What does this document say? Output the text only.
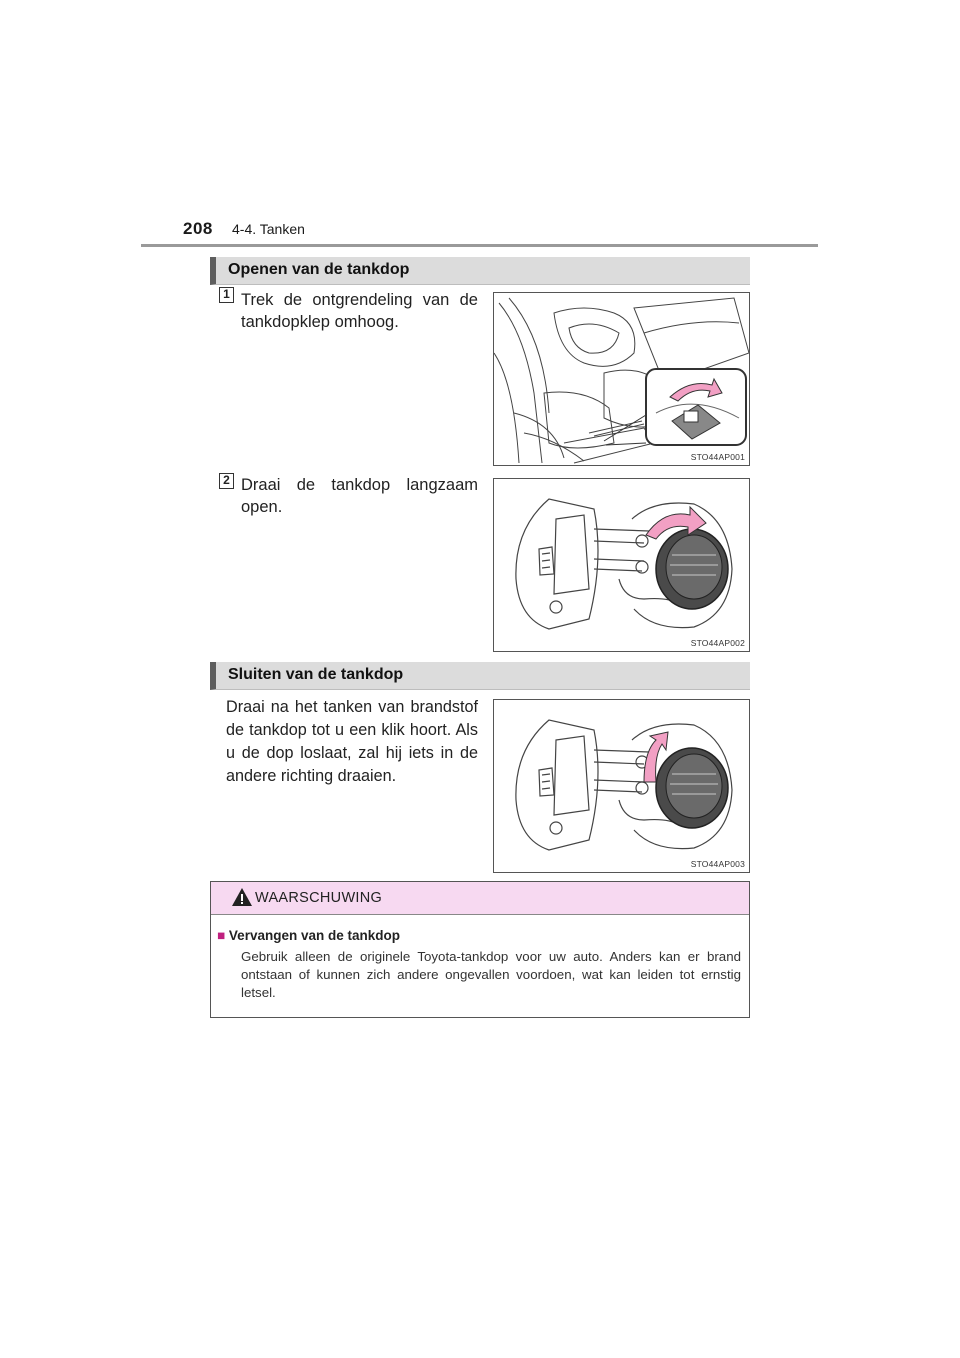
208 4-4. Tanken
Openen van de tankdop
1 Trek de ontgrendeling van de tankdopklep omhoog.
STO44AP001
2 Draai de tankdop langzaam open.
STO44AP002
Sluiten van de tankdop
Draai na het tanken van brandstof de tankdop tot u een klik hoort. Als u de dop loslaat, zal hij iets in de andere richting draaien.
STO44AP003
WAARSCHUWING
■ Vervangen van de tankdop
Gebruik alleen de originele Toyota-tankdop voor uw auto. Anders kan er brand ontstaan of kunnen zich andere ongevallen voordoen, wat kan leiden tot ernstig letsel.
